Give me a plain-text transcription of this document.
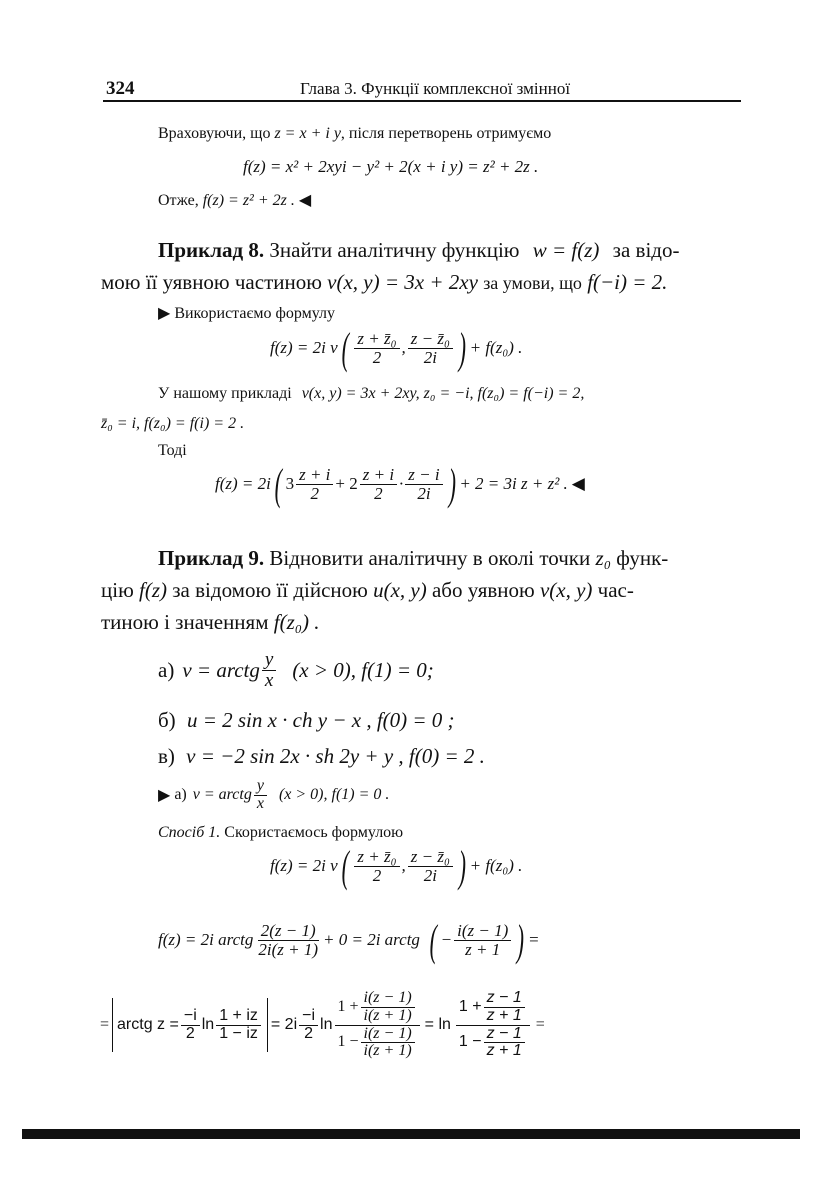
324	Глава 3. Функції комплексної змінної
Враховуючи, що z = x + i y, після перетворень отримуємо
f(z) = x² + 2xyi − y² + 2(x + i y) = z² + 2z .
Отже, f(z) = z² + 2z . ◀
Приклад 8. Знайти аналітичну функцію w = f(z) за відо-
мою її уявною частиною v(x, y) = 3x + 2xy за умови, що f(−i) = 2.
▶ Використаємо формулу
f(z) = 2i v ( $\frac{\text{z + z̄₀}}{2}$ , $\frac{\text{z − z̄₀}}{2i}$ ) + f(z₀) .
У нашому прикладі v(x, y) = 3x + 2xy, z₀ = −i, f(z₀) = f(−i) = 2,
z̄₀ = i, f(z₀) = f(i) = 2 .
Тоді
f(z) = 2i ( $3 \frac{z + i}{2} + 2 \frac{z + i}{2} \cdot \frac{z - i}{2i}$ ) + 2 = 3i z + z² . ◀
Приклад 9. Відновити аналітичну в околі точки z₀ функ-
цію f(z) за відомою її дійсною u(x, y) або уявною v(x, y) час-
тиною і значенням f(z₀) .
а) v = arctg $\frac{y}{x} (x > 0)$, f(1) = 0;
б) u = 2 sin x · ch y − x , f(0) = 0 ;
в) v = −2 sin 2x · sh 2y + y , f(0) = 2 .
▶ а) v = arctg $\frac{y}{x} (x > 0)$, f(1) = 0 .
Спосіб 1. Скористаємось формулою
f(z) = 2i v ( $\frac{\text{z + z̄₀}}{2}$ , $\frac{\text{z − z̄₀}}{2i}$ ) + f(z₀) .
f(z) = 2i arctg $\frac{2(z - 1)}{2i(z + 1)} + 0 = 2i$ arctg ( − $\frac{i(z - 1)}{z + 1}$ ) =
= arctg $z = \frac{-i}{2}$ $\ln \frac{1 + iz}{1 - iz} = 2i \frac{-i}{2}$ $\ln \frac{1 + \frac{i(z - 1)}{i(z + 1)}}{1 - \frac{i(z - 1)}{i(z + 1)}} = \ln \frac{1 + \frac{z - 1}{z + 1}}{1 - \frac{z - 1}{z + 1}}$ =
